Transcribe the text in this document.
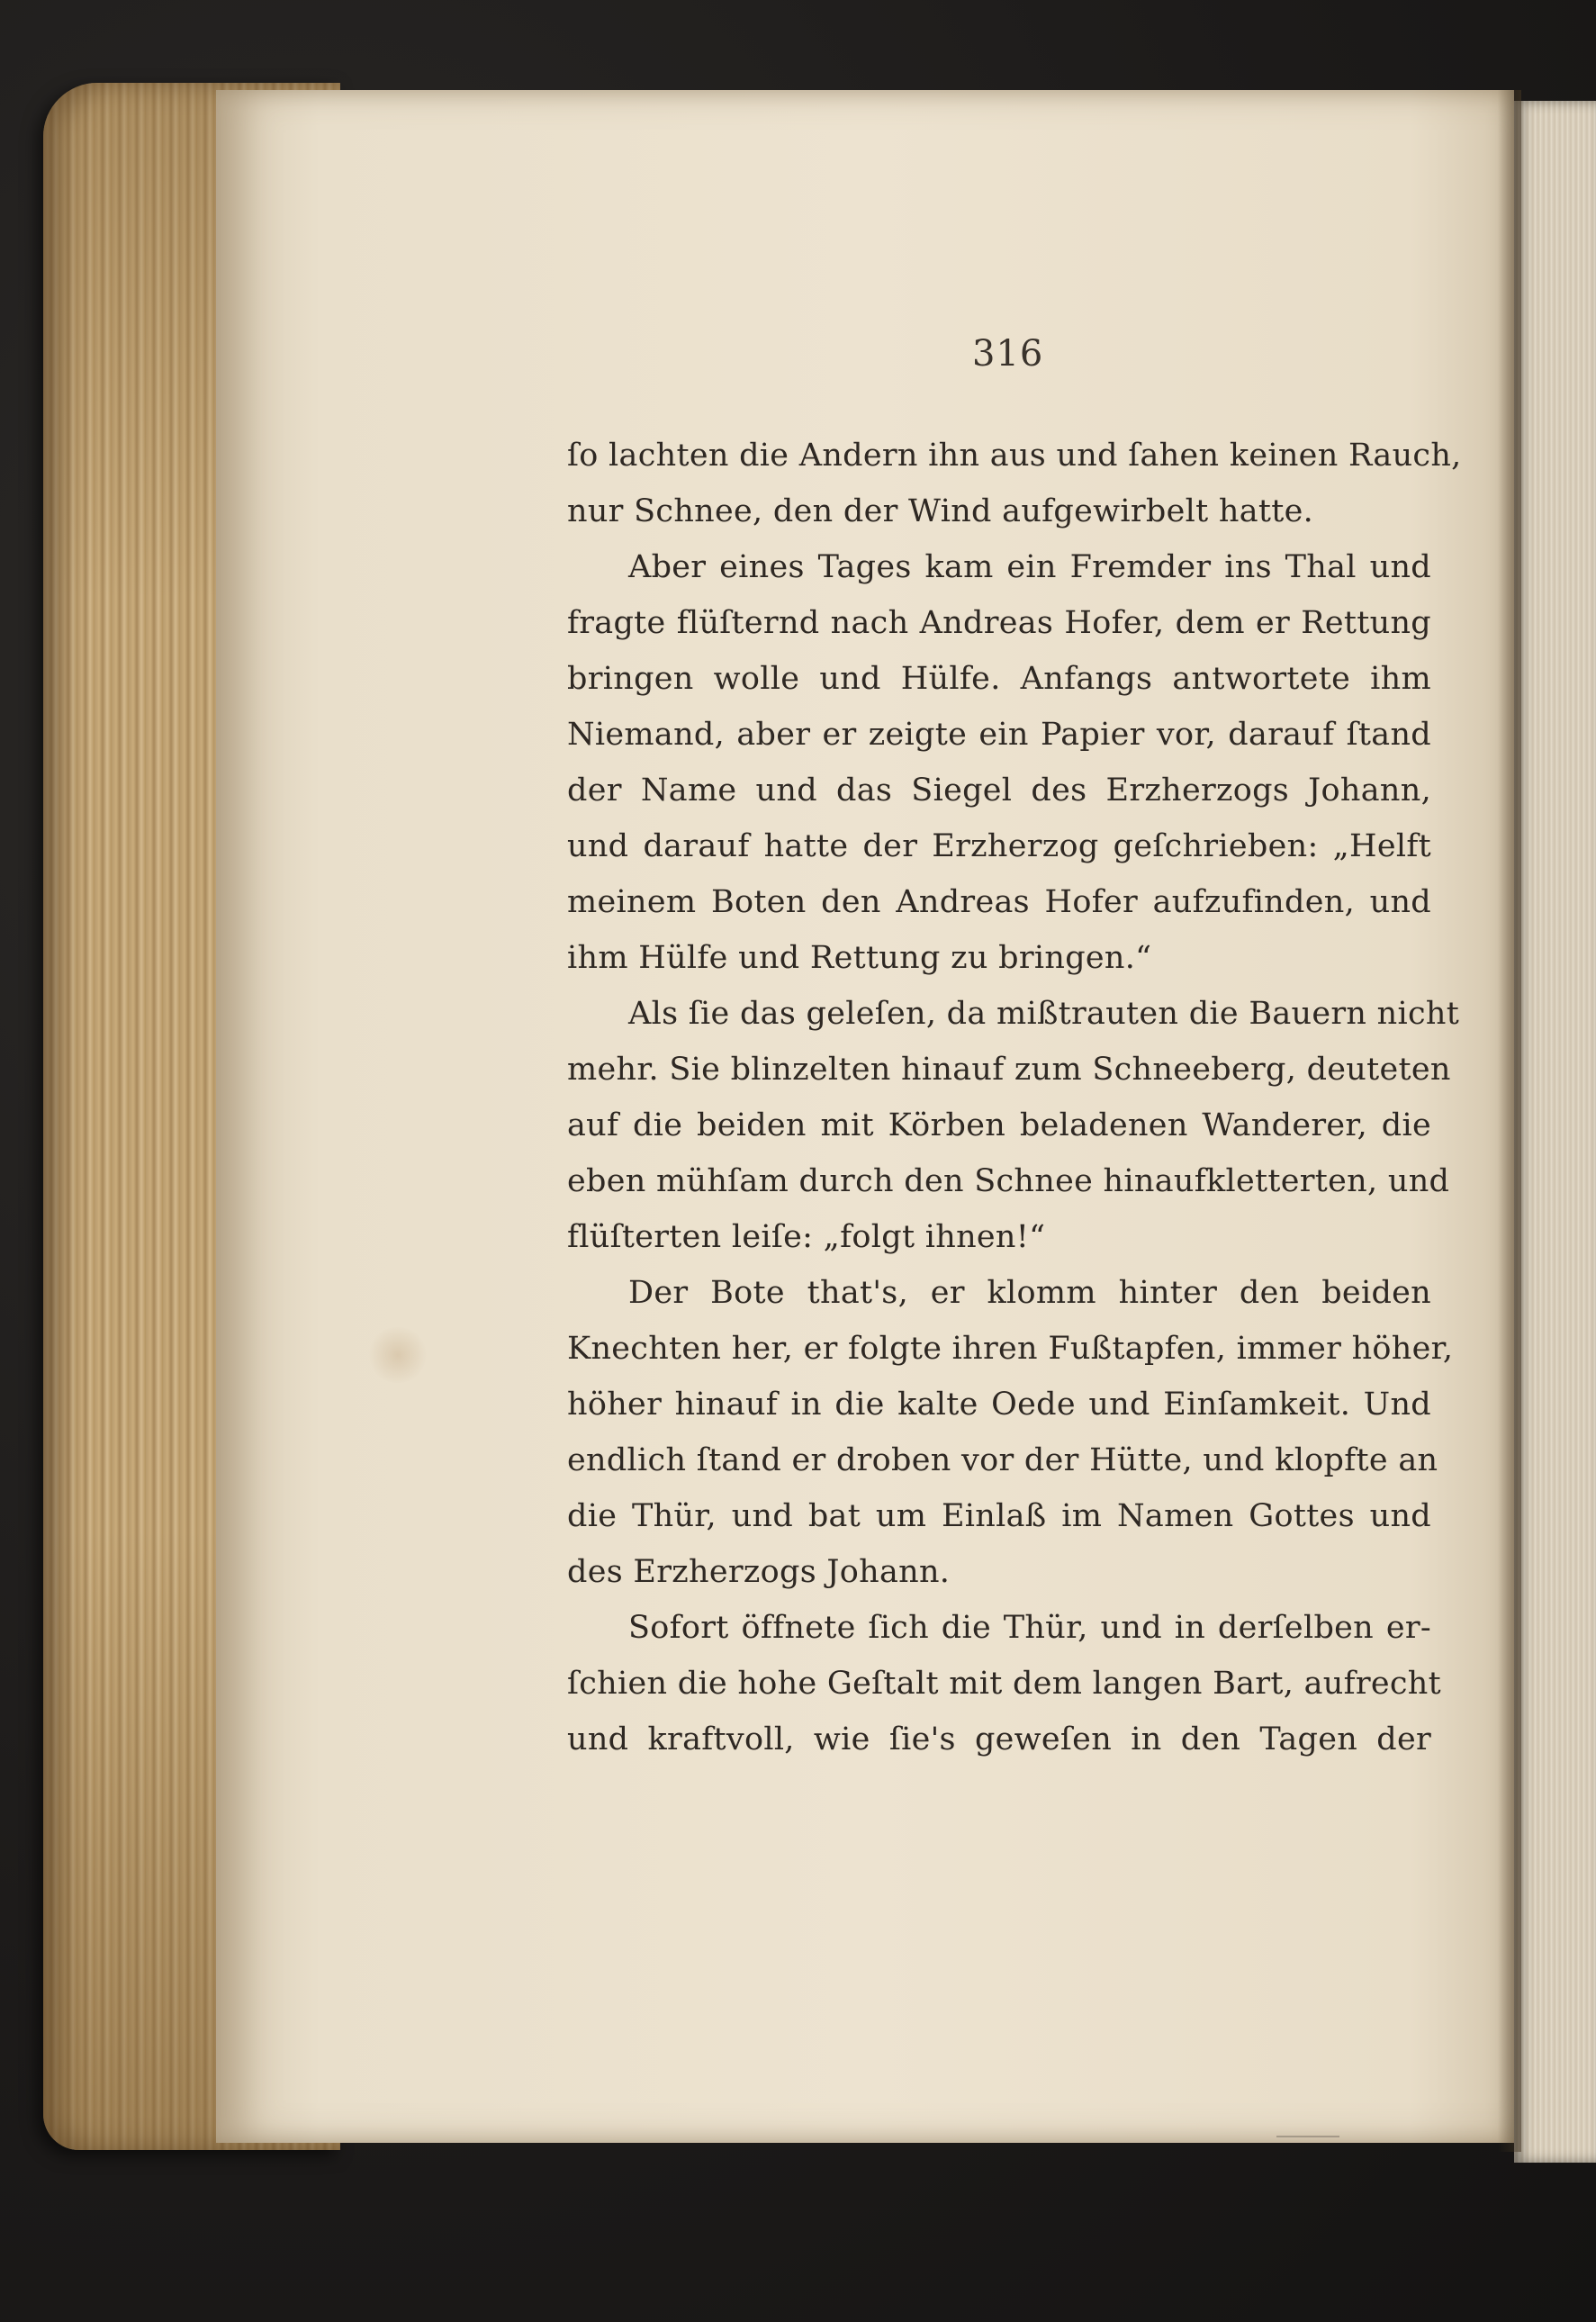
316
ſo lachten die Andern ihn aus und ſahen keinen Rauch,
nur Schnee, den der Wind aufgewirbelt hatte.
Aber eines Tages kam ein Fremder ins Thal und
fragte flüſternd nach Andreas Hofer, dem er Rettung
bringen wolle und Hülfe. Anfangs antwortete ihm
Niemand, aber er zeigte ein Papier vor, darauf ſtand
der Name und das Siegel des Erzherzogs Johann,
und darauf hatte der Erzherzog geſchrieben: „Helft
meinem Boten den Andreas Hofer aufzufinden, und
ihm Hülfe und Rettung zu bringen.“
Als ſie das geleſen, da mißtrauten die Bauern nicht
mehr. Sie blinzelten hinauf zum Schneeberg, deuteten
auf die beiden mit Körben beladenen Wanderer, die
eben mühſam durch den Schnee hinaufkletterten, und
flüſterten leiſe: „folgt ihnen!“
Der Bote that's, er klomm hinter den beiden
Knechten her, er folgte ihren Fußtapfen, immer höher,
höher hinauf in die kalte Oede und Einſamkeit. Und
endlich ſtand er droben vor der Hütte, und klopfte an
die Thür, und bat um Einlaß im Namen Gottes und
des Erzherzogs Johann.
Sofort öffnete ſich die Thür, und in derſelben er-
ſchien die hohe Geſtalt mit dem langen Bart, aufrecht
und kraftvoll, wie ſie's geweſen in den Tagen der
